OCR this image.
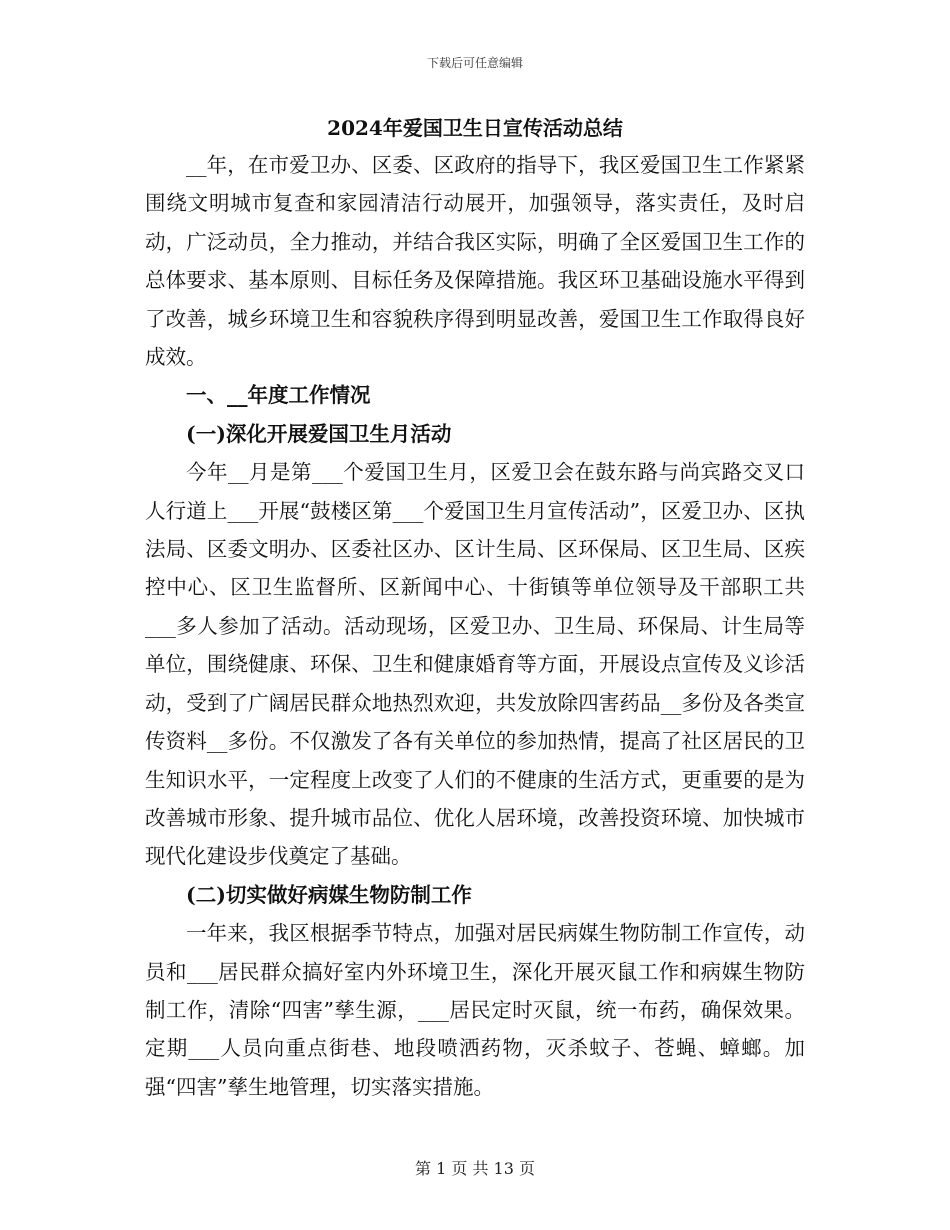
下载后可任意编辑
2024年爱国卫生日宣传活动总结

__年，在市爱卫办、区委、区政府的指导下，我区爱国卫生工作紧紧围绕文明城市复查和家园清洁行动展开，加强领导，落实责任，及时启动，广泛动员，全力推动，并结合我区实际，明确了全区爱国卫生工作的总体要求、基本原则、目标任务及保障措施。我区环卫基础设施水平得到了改善，城乡环境卫生和容貌秩序得到明显改善，爱国卫生工作取得良好成效。

一、__年度工作情况

(一)深化开展爱国卫生月活动

今年__月是第___个爱国卫生月，区爱卫会在鼓东路与尚宾路交叉口人行道上___开展“鼓楼区第___个爱国卫生月宣传活动”，区爱卫办、区执法局、区委文明办、区委社区办、区计生局、区环保局、区卫生局、区疾控中心、区卫生监督所、区新闻中心、十街镇等单位领导及干部职工共___多人参加了活动。活动现场，区爱卫办、卫生局、环保局、计生局等单位，围绕健康、环保、卫生和健康婚育等方面，开展设点宣传及义诊活动，受到了广阔居民群众地热烈欢迎，共发放除四害药品__多份及各类宣传资料__多份。不仅激发了各有关单位的参加热情，提高了社区居民的卫生知识水平，一定程度上改变了人们的不健康的生活方式，更重要的是为改善城市形象、提升城市品位、优化人居环境，改善投资环境、加快城市现代化建设步伐奠定了基础。

(二)切实做好病媒生物防制工作

一年来，我区根据季节特点，加强对居民病媒生物防制工作宣传，动员和___居民群众搞好室内外环境卫生，深化开展灭鼠工作和病媒生物防制工作，清除“四害”孳生源，___居民定时灭鼠，统一布药，确保效果。定期___人员向重点街巷、地段喷洒药物，灭杀蚊子、苍蝇、蟑螂。加强“四害”孳生地管理，切实落实措施。

第 1 页 共 13 页
